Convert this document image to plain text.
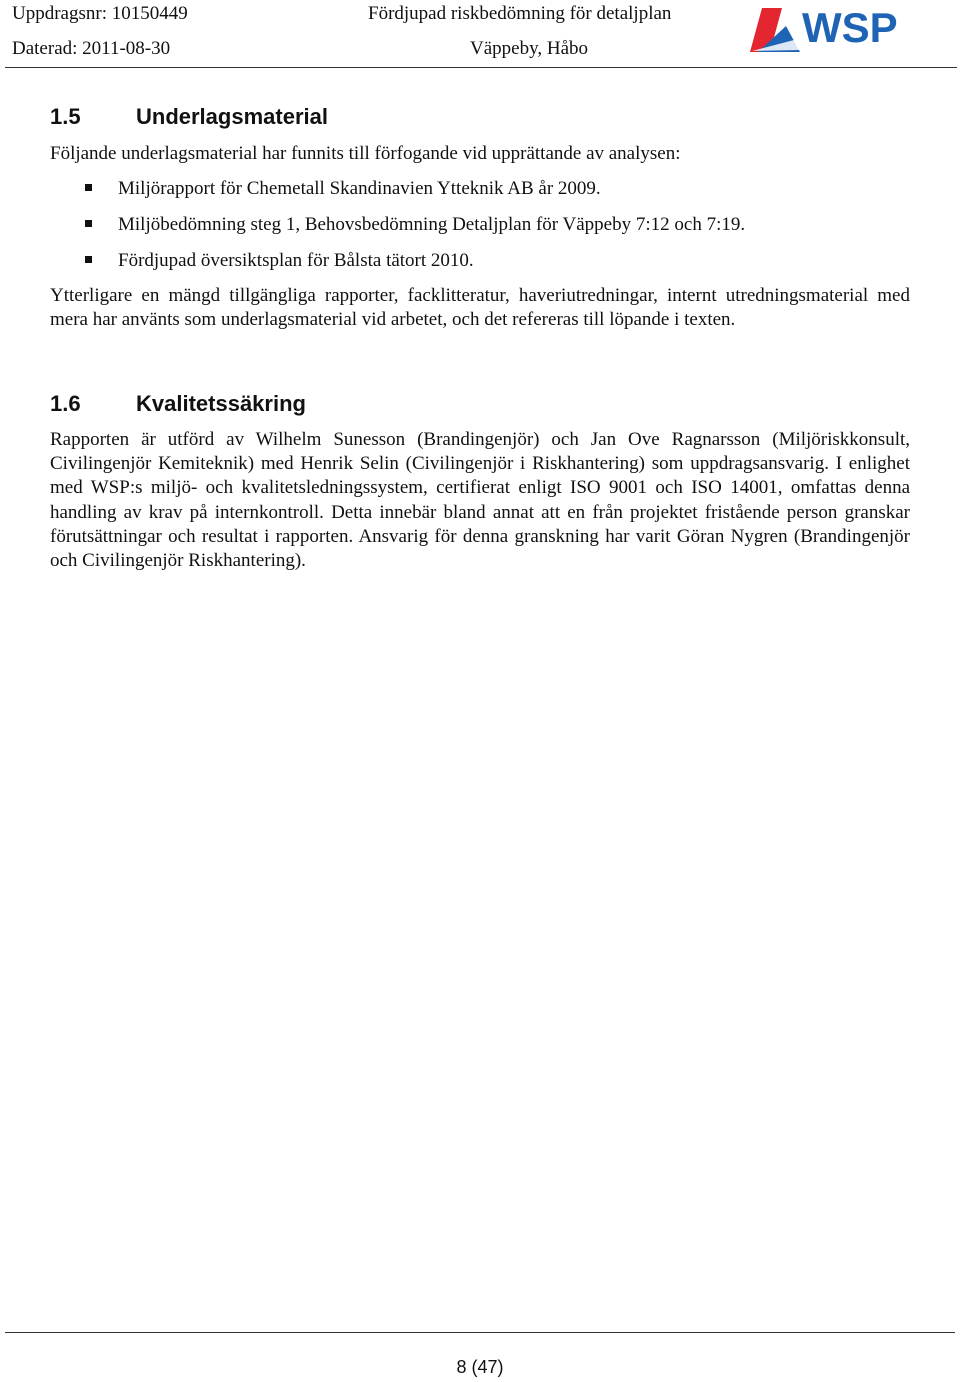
Uppdragsnr: 10150449
Daterad: 2011-08-30
Fördjupad riskbedömning för detaljplan
Väppeby, Håbo	WSP
1.5	Underlagsmaterial
Följande underlagsmaterial har funnits till förfogande vid upprättande av analysen:
Miljörapport för Chemetall Skandinavien Ytteknik AB år 2009.
Miljöbedömning steg 1, Behovsbedömning Detaljplan för Väppeby 7:12 och 7:19.
Fördjupad översiktsplan för Bålsta tätort 2010.
Ytterligare en mängd tillgängliga rapporter, facklitteratur, haveriutredningar, internt utredningsmaterial med mera har använts som underlagsmaterial vid arbetet, och det refereras till löpande i texten.
1.6	Kvalitetssäkring
Rapporten är utförd av Wilhelm Sunesson (Brandingenjör) och Jan Ove Ragnarsson (Miljöriskkonsult, Civilingenjör Kemiteknik) med Henrik Selin (Civilingenjör i Riskhantering) som uppdragsansvarig. I enlighet med WSP:s miljö- och kvalitetsledningssystem, certifierat enligt ISO 9001 och ISO 14001, omfattas denna handling av krav på internkontroll. Detta innebär bland annat att en från projektet fristående person granskar förutsättningar och resultat i rapporten. Ansvarig för denna granskning har varit Göran Nygren (Brandingenjör och Civilingenjör Riskhantering).
8 (47)
